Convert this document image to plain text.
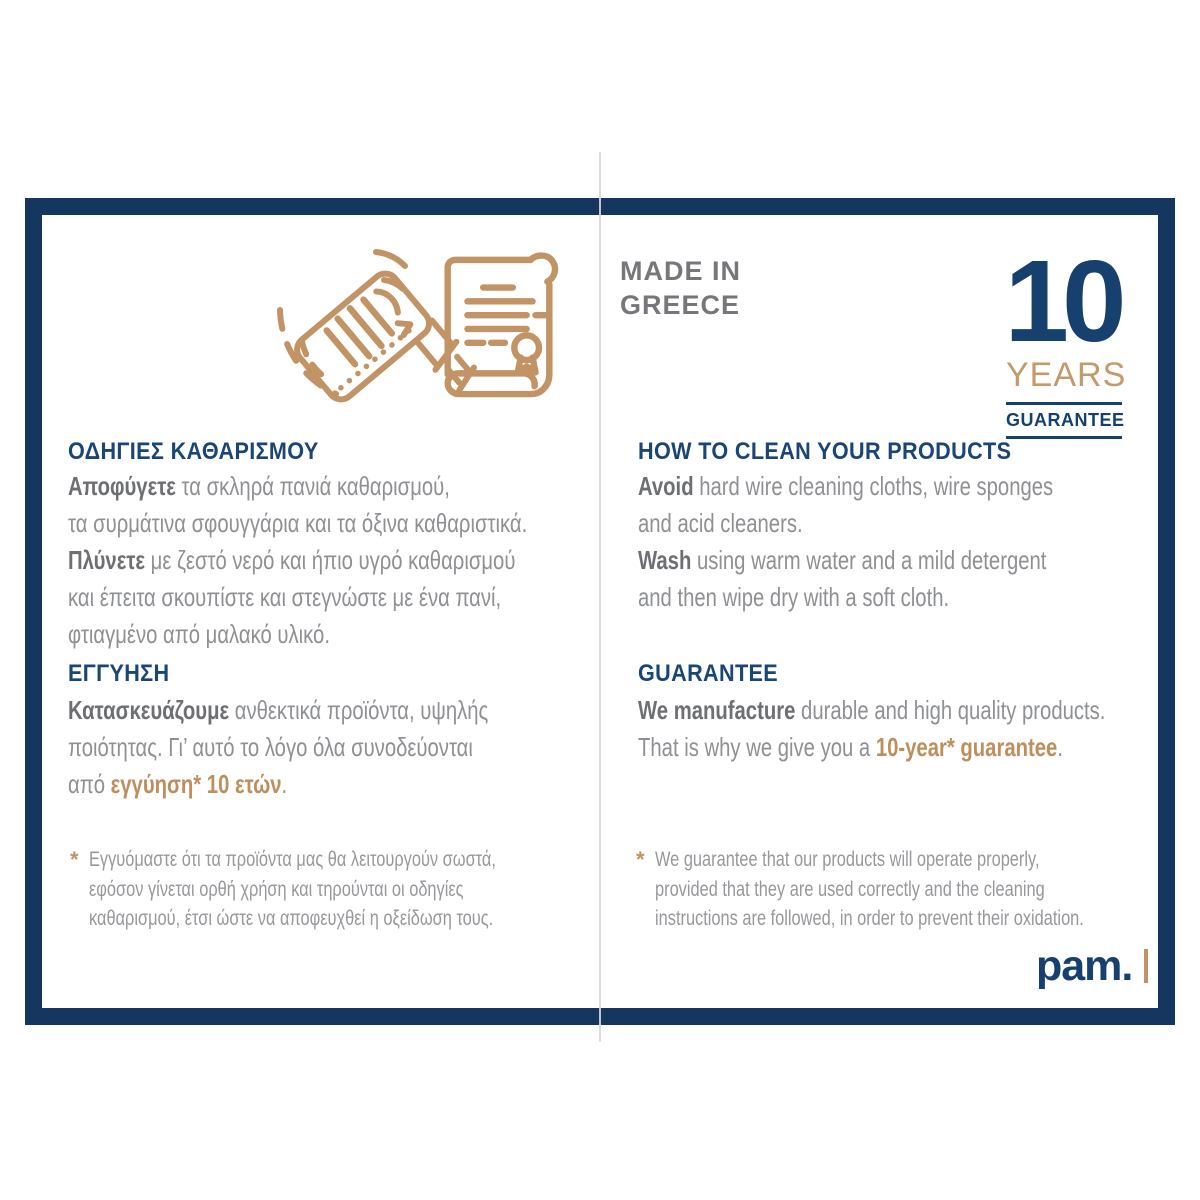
MADE IN
GREECE 10
YEARS
GUARANTEE
ΟΔΗΓΙΕΣ ΚΑΘΑΡΙΣΜΟΥ
Αποφύγετε τα σκληρά πανιά καθαρισμού,
τα συρμάτινα σφουγγάρια και τα όξινα καθαριστικά.
Πλύνετε με ζεστό νερό και ήπιο υγρό καθαρισμού
και έπειτα σκουπίστε και στεγνώστε με ένα πανί,
φτιαγμένο από μαλακό υλικό.
ΕΓΓΥΗΣΗ
Κατασκευάζουμε ανθεκτικά προϊόντα, υψηλής
ποιότητας. Γι’ αυτό το λόγο όλα συνοδεύονται
από εγγύηση* 10 ετών.
* Εγγυόμαστε ότι τα προϊόντα μας θα λειτουργούν σωστά,
εφόσον γίνεται ορθή χρήση και τηρούνται οι οδηγίες
καθαρισμού, έτσι ώστε να αποφευχθεί η οξείδωση τους.
HOW TO CLEAN YOUR PRODUCTS
Avoid hard wire cleaning cloths, wire sponges
and acid cleaners.
Wash using warm water and a mild detergent
and then wipe dry with a soft cloth.
GUARANTEE
We manufacture durable and high quality products.
That is why we give you a 10-year* guarantee.
* We guarantee that our products will operate properly,
provided that they are used correctly and the cleaning
instructions are followed, in order to prevent their oxidation.
pam.
